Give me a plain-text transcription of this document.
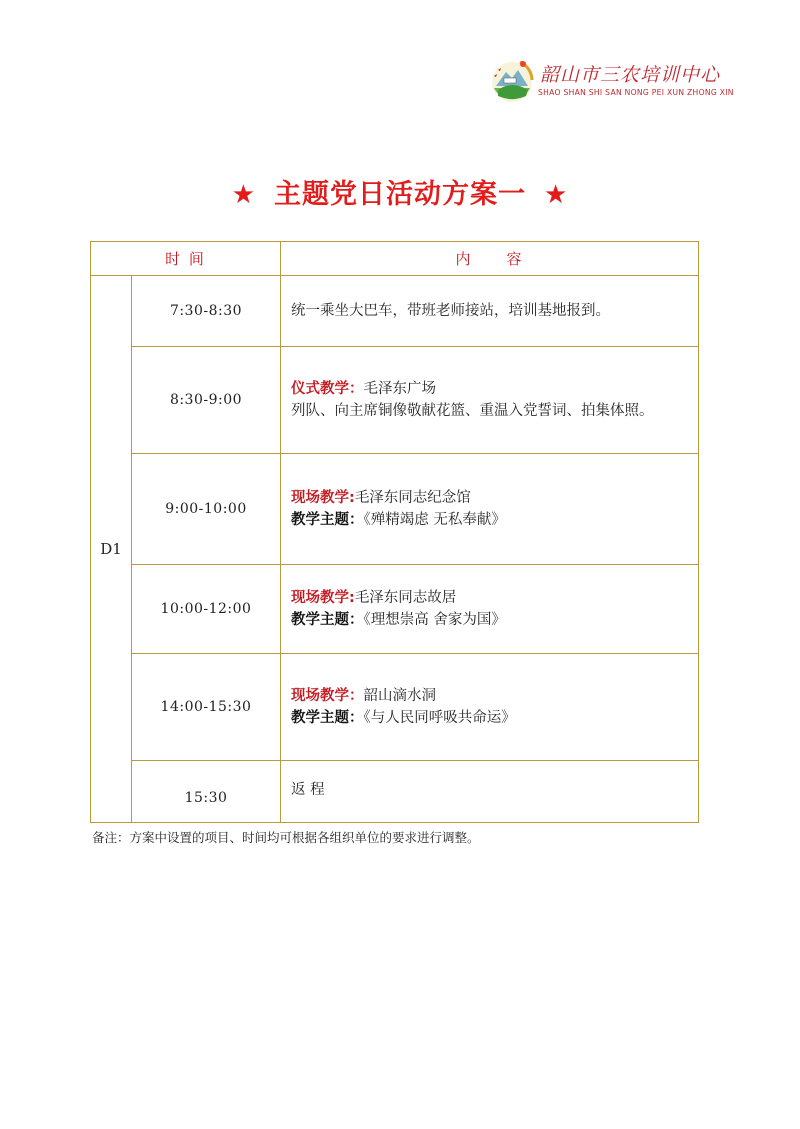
韶山市三农培训中心
SHAO SHAN SHI SAN NONG PEI XUN ZHONG XIN
★ 主题党日活动方案一 ★
时 间		内　　容
D1	7:30-8:30	统一乘坐大巴车，带班老师接站，培训基地报到。
	8:30-9:00	仪式教学：毛泽东广场
列队、向主席铜像敬献花篮、重温入党誓词、拍集体照。

	9:00-10:00	现场教学:毛泽东同志纪念馆
教学主题：《殚精竭虑 无私奉献》

	10:00-12:00	现场教学:毛泽东同志故居
教学主题：《理想崇高 舍家为国》

	14:00-15:30	现场教学：韶山滴水洞
教学主题：《与人民同呼吸共命运》

	15:30	返 程
备注：方案中设置的项目、时间均可根据各组织单位的要求进行调整。
